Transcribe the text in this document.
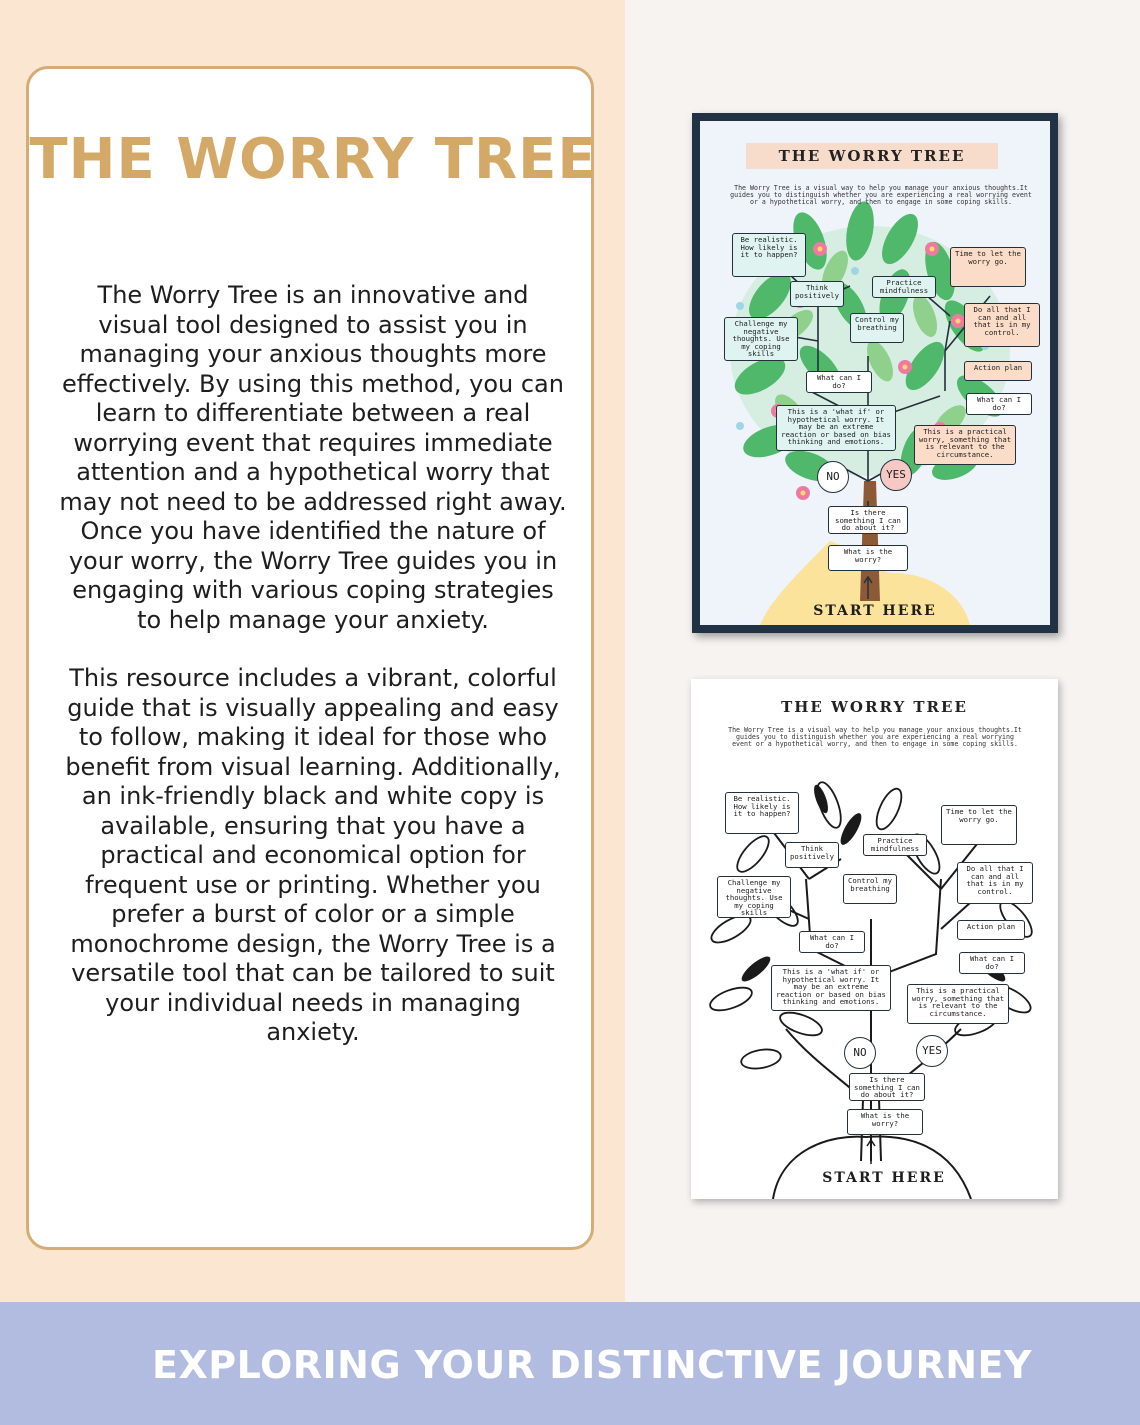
THE WORRY TREE

The Worry Tree is an innovative and visual tool designed to assist you in managing your anxious thoughts more effectively. By using this method, you can learn to differentiate between a real worrying event that requires immediate attention and a hypothetical worry that may not need to be addressed right away. Once you have identified the nature of your worry, the Worry Tree guides you in engaging with various coping strategies to help manage your anxiety.

This resource includes a vibrant, colorful guide that is visually appealing and easy to follow, making it ideal for those who benefit from visual learning. Additionally, an ink-friendly black and white copy is available, ensuring that you have a practical and economical option for frequent use or printing. Whether you prefer a burst of color or a simple monochrome design, the Worry Tree is a versatile tool that can be tailored to suit your individual needs in managing anxiety.

THE WORRY TREE
The Worry Tree is a visual way to help you manage your anxious thoughts.It guides you to distinguish whether you are experiencing a real worrying event or a hypothetical worry, and then to engage in some coping skills.
Be realistic. How likely is it to happen?
Think positively
Practice mindfulness
Time to let the worry go.
Challenge my negative thoughts. Use my coping skills
Control my breathing
Do all that I can and all that is in my control.
Action plan
What can I do?
What can I do?
This is a 'what if' or hypothetical worry. It may be an extreme reaction or based on bias thinking and emotions.
This is a practical worry, something that is relevant to the circumstance.
NO	YES
Is there something I can do about it?
What is the worry?
START HERE
THE WORRY TREE
The Worry Tree is a visual way to help you manage your anxious thoughts.It guides you to distinguish whether you are experiencing a real worrying event or a hypothetical worry, and then to engage in some coping skills.
Be realistic. How likely is it to happen?
Think positively
Practice mindfulness
Time to let the worry go.
Challenge my negative thoughts. Use my coping skills
Control my breathing
Do all that I can and all that is in my control.
Action plan
What can I do?
What can I do?
This is a 'what if' or hypothetical worry. It may be an extreme reaction or based on bias thinking and emotions.
This is a practical worry, something that is relevant to the circumstance.
NO	YES
Is there something I can do about it?
What is the worry?
START HERE
EXPLORING YOUR DISTINCTIVE JOURNEY
